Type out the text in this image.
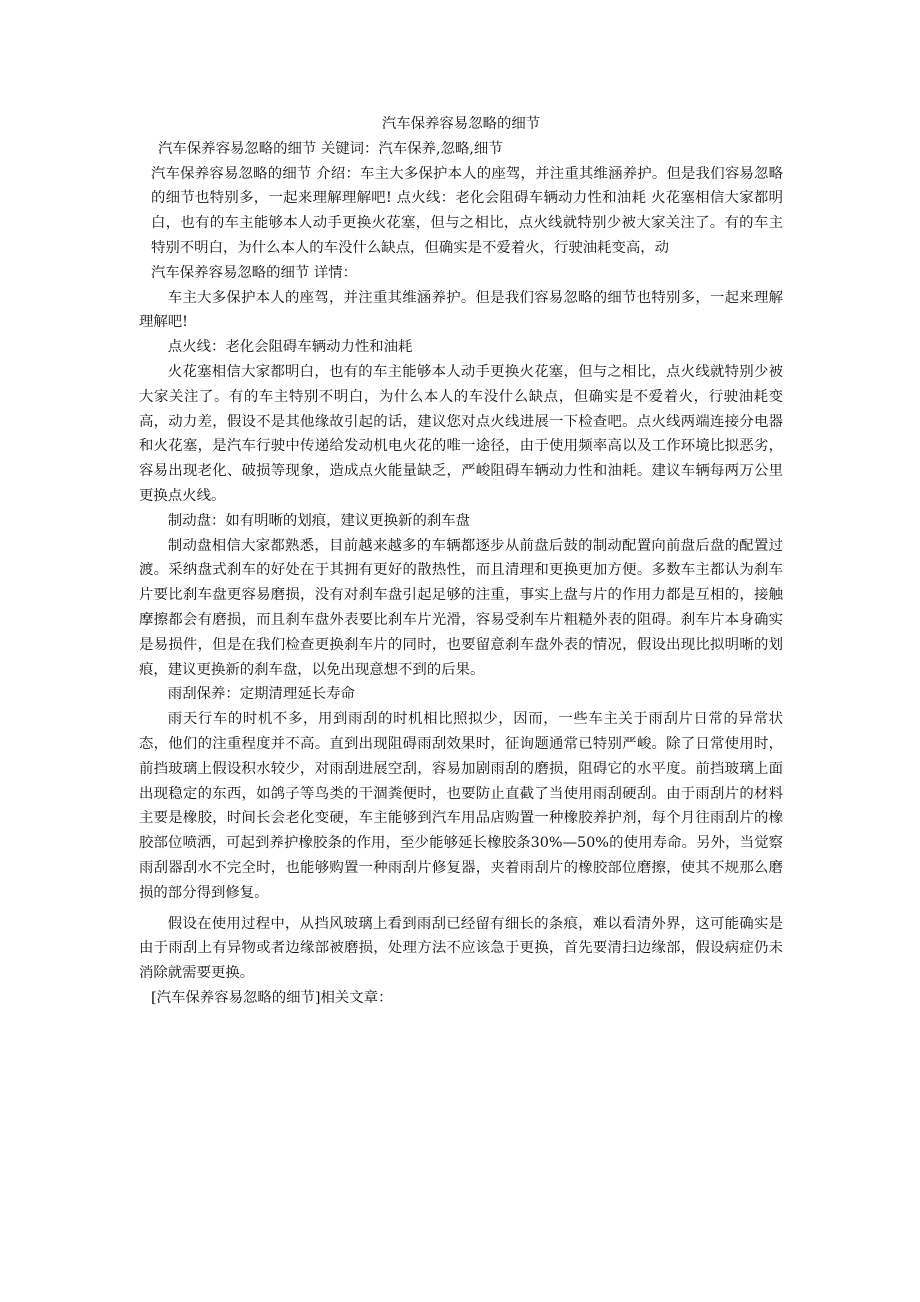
汽车保养容易忽略的细节

汽车保养容易忽略的细节 关键词：汽车保养,忽略,细节

汽车保养容易忽略的细节 介绍：车主大多保护本人的座驾，并注重其维涵养护。但是我们容易忽略的细节也特别多，一起来理解理解吧! 点火线：老化会阻碍车辆动力性和油耗 火花塞相信大家都明白，也有的车主能够本人动手更换火花塞，但与之相比，点火线就特别少被大家关注了。有的车主特别不明白，为什么本人的车没什么缺点，但确实是不爱着火，行驶油耗变高，动

汽车保养容易忽略的细节 详情：

车主大多保护本人的座驾，并注重其维涵养护。但是我们容易忽略的细节也特别多，一起来理解理解吧!

点火线：老化会阻碍车辆动力性和油耗

火花塞相信大家都明白，也有的车主能够本人动手更换火花塞，但与之相比，点火线就特别少被大家关注了。有的车主特别不明白，为什么本人的车没什么缺点，但确实是不爱着火，行驶油耗变高，动力差，假设不是其他缘故引起的话，建议您对点火线进展一下检查吧。点火线两端连接分电器和火花塞，是汽车行驶中传递给发动机电火花的唯一途径，由于使用频率高以及工作环境比拟恶劣，容易出现老化、破损等现象，造成点火能量缺乏，严峻阻碍车辆动力性和油耗。建议车辆每两万公里更换点火线。

制动盘：如有明晰的划痕，建议更换新的刹车盘

制动盘相信大家都熟悉，目前越来越多的车辆都逐步从前盘后鼓的制动配置向前盘后盘的配置过渡。采纳盘式刹车的好处在于其拥有更好的散热性，而且清理和更换更加方便。多数车主都认为刹车片要比刹车盘更容易磨损，没有对刹车盘引起足够的注重，事实上盘与片的作用力都是互相的，接触摩擦都会有磨损，而且刹车盘外表要比刹车片光滑，容易受刹车片粗糙外表的阻碍。刹车片本身确实是易损件，但是在我们检查更换刹车片的同时，也要留意刹车盘外表的情况，假设出现比拟明晰的划痕，建议更换新的刹车盘，以免出现意想不到的后果。

雨刮保养：定期清理延长寿命

雨天行车的时机不多，用到雨刮的时机相比照拟少，因而，一些车主关于雨刮片日常的异常状态，他们的注重程度并不高。直到出现阻碍雨刮效果时，征询题通常已特别严峻。除了日常使用时，前挡玻璃上假设积水较少，对雨刮进展空刮，容易加剧雨刮的磨损，阻碍它的水平度。前挡玻璃上面出现稳定的东西，如鸽子等鸟类的干涸粪便时，也要防止直截了当使用雨刮硬刮。由于雨刮片的材料主要是橡胶，时间长会老化变硬，车主能够到汽车用品店购置一种橡胶养护剂，每个月往雨刮片的橡胶部位喷洒，可起到养护橡胶条的作用，至少能够延长橡胶条30%—50%的使用寿命。另外，当觉察雨刮器刮水不完全时，也能够购置一种雨刮片修复器，夹着雨刮片的橡胶部位磨擦，使其不规那么磨损的部分得到修复。

假设在使用过程中，从挡风玻璃上看到雨刮已经留有细长的条痕，难以看清外界，这可能确实是由于雨刮上有异物或者边缘部被磨损，处理方法不应该急于更换，首先要清扫边缘部，假设病症仍未消除就需要更换。

[汽车保养容易忽略的细节]相关文章：
